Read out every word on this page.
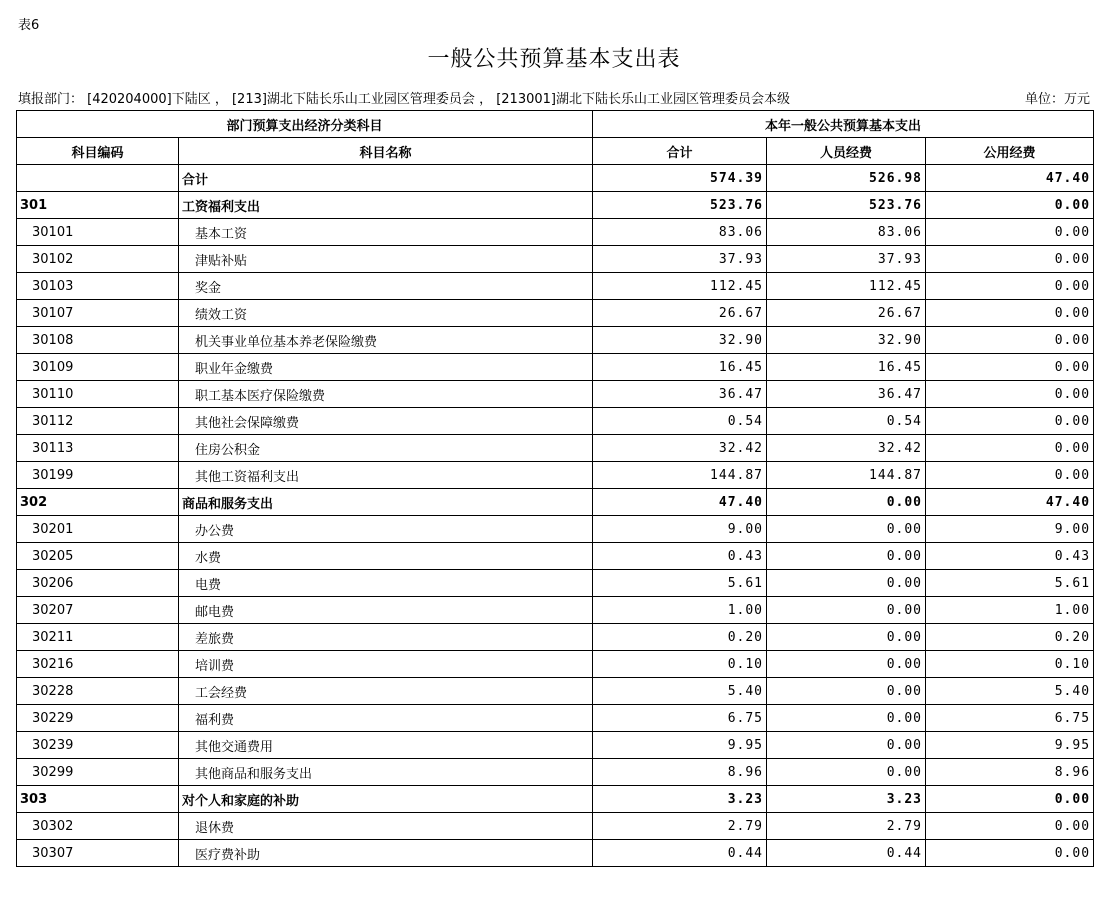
表6
一般公共预算基本支出表
填报部门： [420204000]下陆区 ， [213]湖北下陆长乐山工业园区管理委员会 ， [213001]湖北下陆长乐山工业园区管理委员会本级	单位：万元
部门预算支出经济分类科目		本年一般公共预算基本支出		
科目编码	科目名称	合计	人员经费	公用经费
	合计	574.39	526.98	47.40
301	工资福利支出	523.76	523.76	0.00
30101	基本工资	83.06	83.06	0.00
30102	津贴补贴	37.93	37.93	0.00
30103	奖金	112.45	112.45	0.00
30107	绩效工资	26.67	26.67	0.00
30108	机关事业单位基本养老保险缴费	32.90	32.90	0.00
30109	职业年金缴费	16.45	16.45	0.00
30110	职工基本医疗保险缴费	36.47	36.47	0.00
30112	其他社会保障缴费	0.54	0.54	0.00
30113	住房公积金	32.42	32.42	0.00
30199	其他工资福利支出	144.87	144.87	0.00
302	商品和服务支出	47.40	0.00	47.40
30201	办公费	9.00	0.00	9.00
30205	水费	0.43	0.00	0.43
30206	电费	5.61	0.00	5.61
30207	邮电费	1.00	0.00	1.00
30211	差旅费	0.20	0.00	0.20
30216	培训费	0.10	0.00	0.10
30228	工会经费	5.40	0.00	5.40
30229	福利费	6.75	0.00	6.75
30239	其他交通费用	9.95	0.00	9.95
30299	其他商品和服务支出	8.96	0.00	8.96
303	对个人和家庭的补助	3.23	3.23	0.00
30302	退休费	2.79	2.79	0.00
30307	医疗费补助	0.44	0.44	0.00
